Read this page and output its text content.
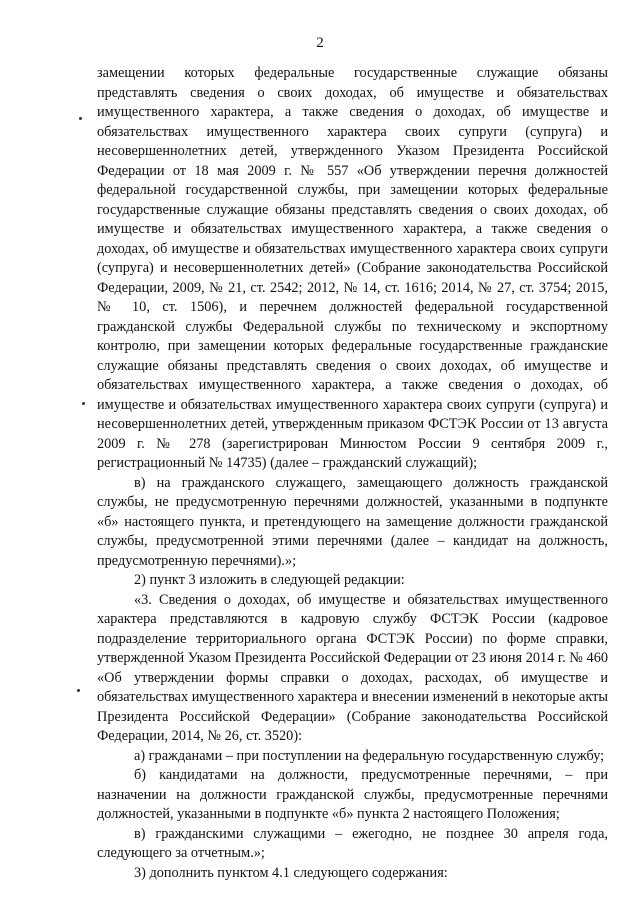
2

замещении которых федеральные государственные служащие обязаны представлять сведения о своих доходах, об имуществе и обязательствах имущественного характера, а также сведения о доходах, об имуществе и обязательствах имущественного характера своих супруги (супруга) и несовершеннолетних детей, утвержденного Указом Президента Российской Федерации от 18 мая 2009 г. № 557 «Об утверждении перечня должностей федеральной государственной службы, при замещении которых федеральные государственные служащие обязаны представлять сведения о своих доходах, об имуществе и обязательствах имущественного характера, а также сведения о доходах, об имуществе и обязательствах имущественного характера своих супруги (супруга) и несовершеннолетних детей» (Собрание законодательства Российской Федерации, 2009, № 21, ст. 2542; 2012, № 14, ст. 1616; 2014, № 27, ст. 3754; 2015, № 10, ст. 1506), и перечнем должностей федеральной государственной гражданской службы Федеральной службы по техническому и экспортному контролю, при замещении которых федеральные государственные гражданские служащие обязаны представлять сведения о своих доходах, об имуществе и обязательствах имущественного характера, а также сведения о доходах, об имуществе и обязательствах имущественного характера своих супруги (супруга) и несовершеннолетних детей, утвержденным приказом ФСТЭК России от 13 августа 2009 г. № 278 (зарегистрирован Минюстом России 9 сентября 2009 г., регистрационный № 14735) (далее – гражданский служащий);

в) на гражданского служащего, замещающего должность гражданской службы, не предусмотренную перечнями должностей, указанными в подпункте «б» настоящего пункта, и претендующего на замещение должности гражданской службы, предусмотренной этими перечнями (далее – кандидат на должность, предусмотренную перечнями).»;

2) пункт 3 изложить в следующей редакции:

«3. Сведения о доходах, об имуществе и обязательствах имущественного характера представляются в кадровую службу ФСТЭК России (кадровое подразделение территориального органа ФСТЭК России) по форме справки, утвержденной Указом Президента Российской Федерации от 23 июня 2014 г. № 460 «Об утверждении формы справки о доходах, расходах, об имуществе и обязательствах имущественного характера и внесении изменений в некоторые акты Президента Российской Федерации» (Собрание законодательства Российской Федерации, 2014, № 26, ст. 3520):

а) гражданами – при поступлении на федеральную государственную службу;

б) кандидатами на должности, предусмотренные перечнями, – при назначении на должности гражданской службы, предусмотренные перечнями должностей, указанными в подпункте «б» пункта 2 настоящего Положения;

в) гражданскими служащими – ежегодно, не позднее 30 апреля года, следующего за отчетным.»;

3) дополнить пунктом 4.1 следующего содержания:
